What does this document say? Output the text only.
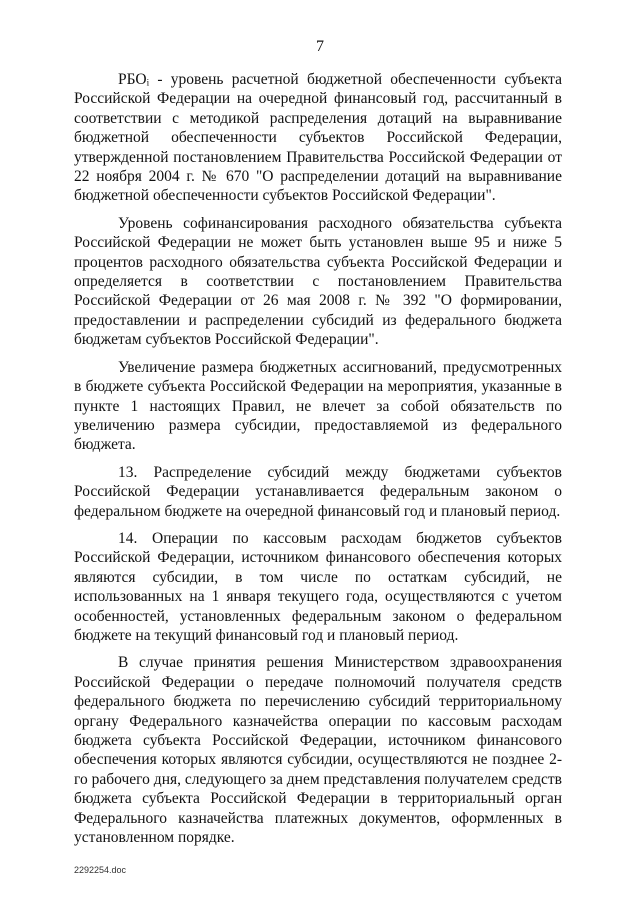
7

РБОᵢ - уровень расчетной бюджетной обеспеченности субъекта Российской Федерации на очередной финансовый год, рассчитанный в соответствии с методикой распределения дотаций на выравнивание бюджетной обеспеченности субъектов Российской Федерации, утвержденной постановлением Правительства Российской Федерации от 22 ноября 2004 г. № 670 "О распределении дотаций на выравнивание бюджетной обеспеченности субъектов Российской Федерации".

Уровень софинансирования расходного обязательства субъекта Российской Федерации не может быть установлен выше 95 и ниже 5 процентов расходного обязательства субъекта Российской Федерации и определяется в соответствии с постановлением Правительства Российской Федерации от 26 мая 2008 г. № 392 "О формировании, предоставлении и распределении субсидий из федерального бюджета бюджетам субъектов Российской Федерации".

Увеличение размера бюджетных ассигнований, предусмотренных в бюджете субъекта Российской Федерации на мероприятия, указанные в пункте 1 настоящих Правил, не влечет за собой обязательств по увеличению размера субсидии, предоставляемой из федерального бюджета.

13. Распределение субсидий между бюджетами субъектов Российской Федерации устанавливается федеральным законом о федеральном бюджете на очередной финансовый год и плановый период.

14. Операции по кассовым расходам бюджетов субъектов Российской Федерации, источником финансового обеспечения которых являются субсидии, в том числе по остаткам субсидий, не использованных на 1 января текущего года, осуществляются с учетом особенностей, установленных федеральным законом о федеральном бюджете на текущий финансовый год и плановый период.

В случае принятия решения Министерством здравоохранения Российской Федерации о передаче полномочий получателя средств федерального бюджета по перечислению субсидий территориальному органу Федерального казначейства операции по кассовым расходам бюджета субъекта Российской Федерации, источником финансового обеспечения которых являются субсидии, осуществляются не позднее 2-го рабочего дня, следующего за днем представления получателем средств бюджета субъекта Российской Федерации в территориальный орган Федерального казначейства платежных документов, оформленных в установленном порядке.

2292254.doc
